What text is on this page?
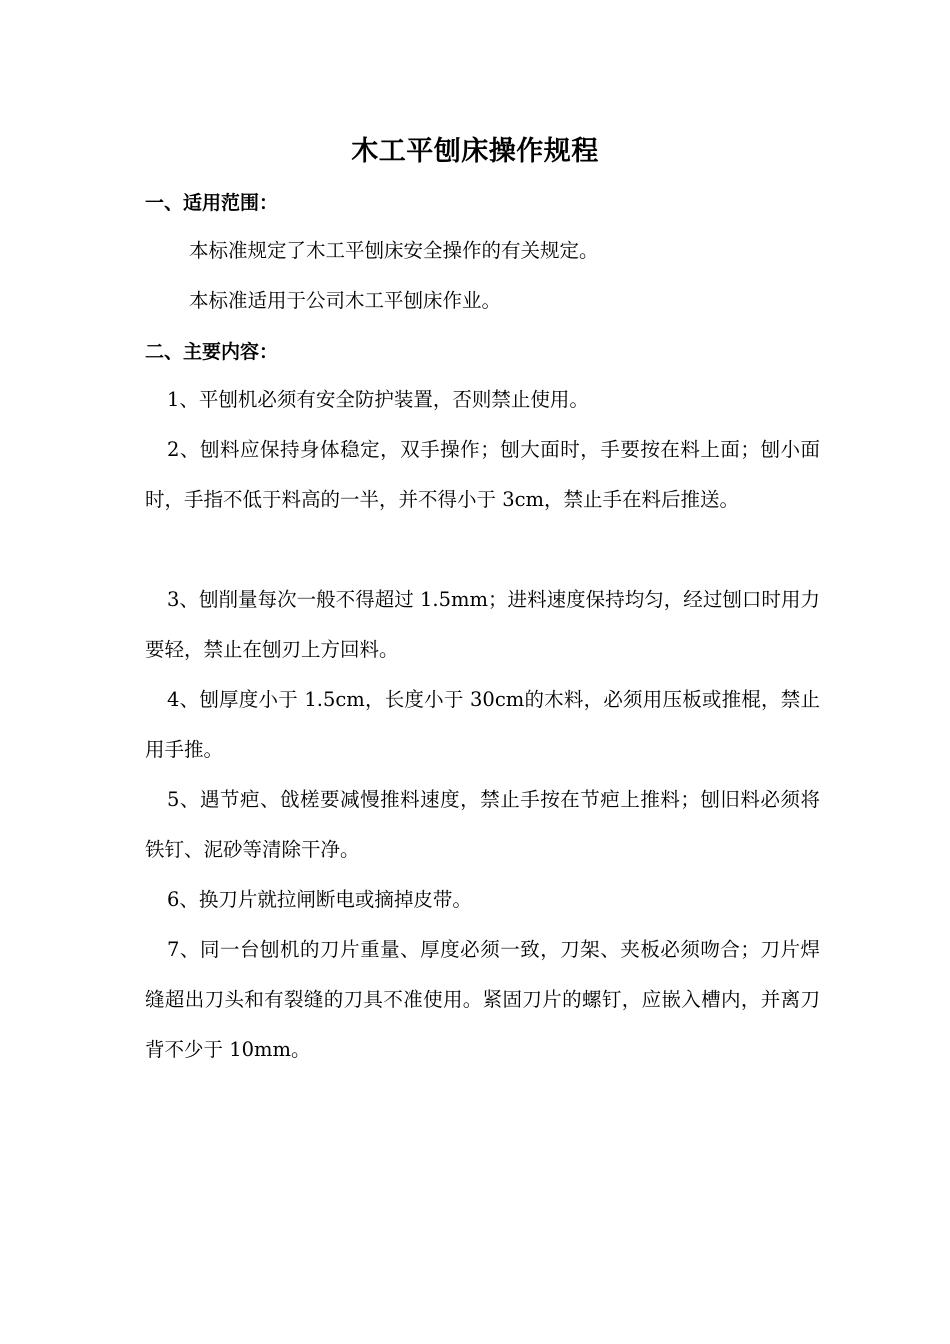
木工平刨床操作规程
一、适用范围：
本标准规定了木工平刨床安全操作的有关规定。
本标准适用于公司木工平刨床作业。
二、主要内容：
1、平刨机必须有安全防护装置，否则禁止使用。
2、刨料应保持身体稳定，双手操作；刨大面时，手要按在料上面；刨小面时，手指不低于料高的一半，并不得小于 3cm，禁止手在料后推送。
3、刨削量每次一般不得超过 1.5mm；进料速度保持均匀，经过刨口时用力要轻，禁止在刨刃上方回料。
4、刨厚度小于 1.5cm，长度小于 30cm的木料，必须用压板或推棍，禁止用手推。
5、遇节疤、戗槎要减慢推料速度，禁止手按在节疤上推料；刨旧料必须将铁钉、泥砂等清除干净。
6、换刀片就拉闸断电或摘掉皮带。
7、同一台刨机的刀片重量、厚度必须一致，刀架、夹板必须吻合；刀片焊缝超出刀头和有裂缝的刀具不准使用。紧固刀片的螺钉，应嵌入槽内，并离刀背不少于 10mm。
